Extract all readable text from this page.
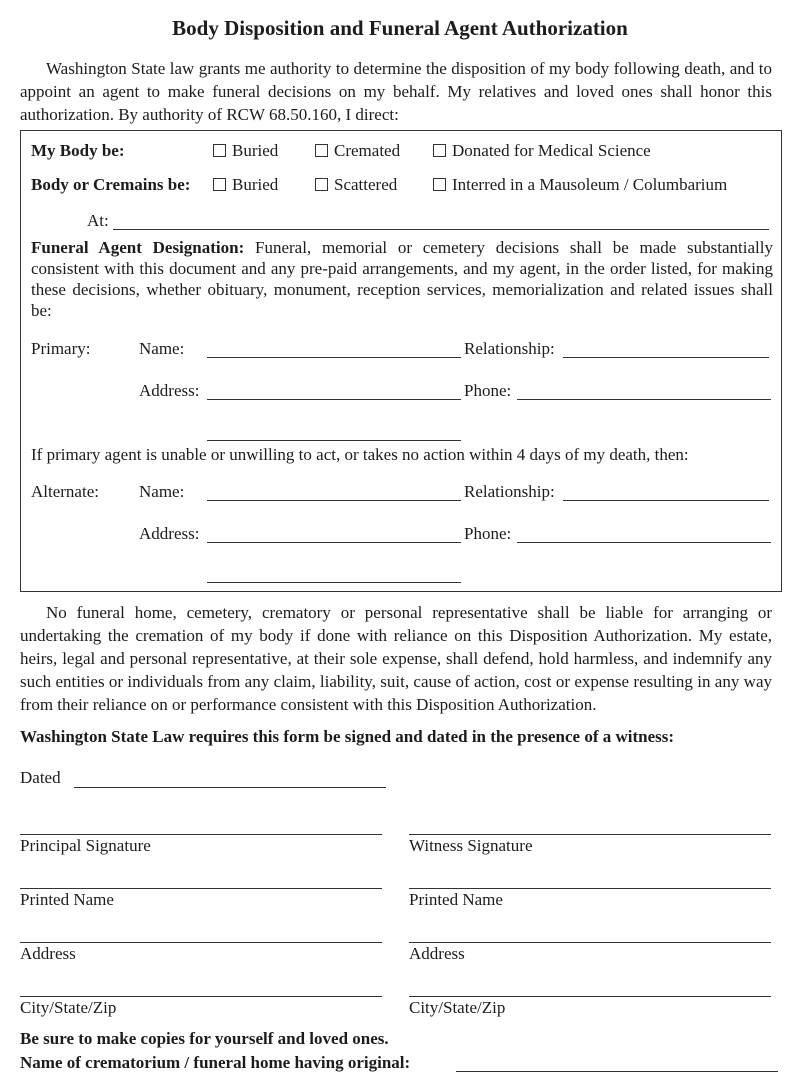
Body Disposition and Funeral Agent Authorization

Washington State law grants me authority to determine the disposition of my body following death, and to appoint an agent to make funeral decisions on my behalf. My relatives and loved ones shall honor this authorization. By authority of RCW 68.50.160, I direct:

My Body be:	Buried	Cremated	Donated for Medical Science
Body or Cremains be:	Buried	Scattered	Interred in a Mausoleum / Columbarium
At:

Funeral Agent Designation: Funeral, memorial or cemetery decisions shall be made substantially consistent with this document and any pre-paid arrangements, and my agent, in the order listed, for making these decisions, whether obituary, monument, reception services, memorialization and related issues shall be:

Primary:	Name:	Relationship:
Address:	Phone:
If primary agent is unable or unwilling to act, or takes no action within 4 days of my death, then:
Alternate: Name:	Relationship:
Address:	Phone:

No funeral home, cemetery, crematory or personal representative shall be liable for arranging or undertaking the cremation of my body if done with reliance on this Disposition Authorization. My estate, heirs, legal and personal representative, at their sole expense, shall defend, hold harmless, and indemnify any such entities or individuals from any claim, liability, suit, cause of action, cost or expense resulting in any way from their reliance on or performance consistent with this Disposition Authorization.

Washington State Law requires this form be signed and dated in the presence of a witness:
Dated
Principal Signature
Printed Name
Address
City/State/Zip
Witness Signature
Printed Name
Address
City/State/Zip
Be sure to make copies for yourself and loved ones.
Name of crematorium / funeral home having original:
